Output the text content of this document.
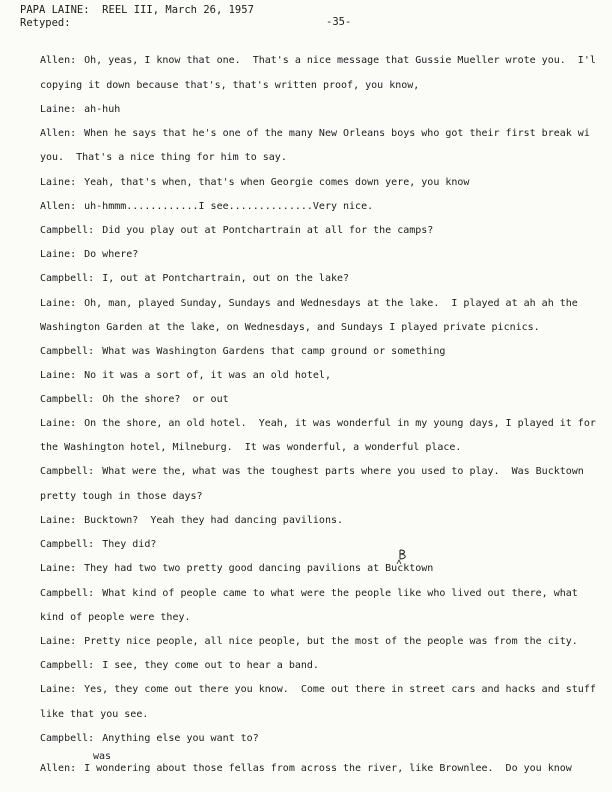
PAPA LAINE:  REEL III, March 26, 1957
Retyped:	-35-
Allen: Oh, yeas, I know that one.  That's a nice message that Gussie Mueller wrote you.  I'l
copying it down because that's, that's written proof, you know,
Laine: ah-huh
Allen: When he says that he's one of the many New Orleans boys who got their first break wi
you.  That's a nice thing for him to say.
Laine: Yeah, that's when, that's when Georgie comes down yere, you know
Allen: uh-hmmm............I see..............Very nice.
Campbell: Did you play out at Pontchartrain at all for the camps?
Laine: Do where?
Campbell: I, out at Pontchartrain, out on the lake?
Laine: Oh, man, played Sunday, Sundays and Wednesdays at the lake.  I played at ah ah the
Washington Garden at the lake, on Wednesdays, and Sundays I played private picnics.
Campbell: What was Washington Gardens that camp ground or something
Laine: No it was a sort of, it was an old hotel,
Campbell: Oh the shore?  or out
Laine: On the shore, an old hotel.  Yeah, it was wonderful in my young days, I played it for
the Washington hotel, Milneburg.  It was wonderful, a wonderful place.
Campbell: What were the, what was the toughest parts where you used to play.  Was Bucktown
pretty tough in those days?
Laine: Bucktown?  Yeah they had dancing pavilions.
Campbell: They did?
Laine: They had two two pretty good dancing pavilions at Bucktown
Campbell: What kind of people came to what were the people like who lived out there, what
kind of people were they.
Laine: Pretty nice people, all nice people, but the most of the people was from the city.
Campbell: I see, they come out to hear a band.
Laine: Yes, they come out there you know.  Come out there in street cars and hacks and stuff
like that you see.
Campbell: Anything else you want to?
Allen: I wondering about those fellas from across the river, like Brownlee.  Do you know
was
